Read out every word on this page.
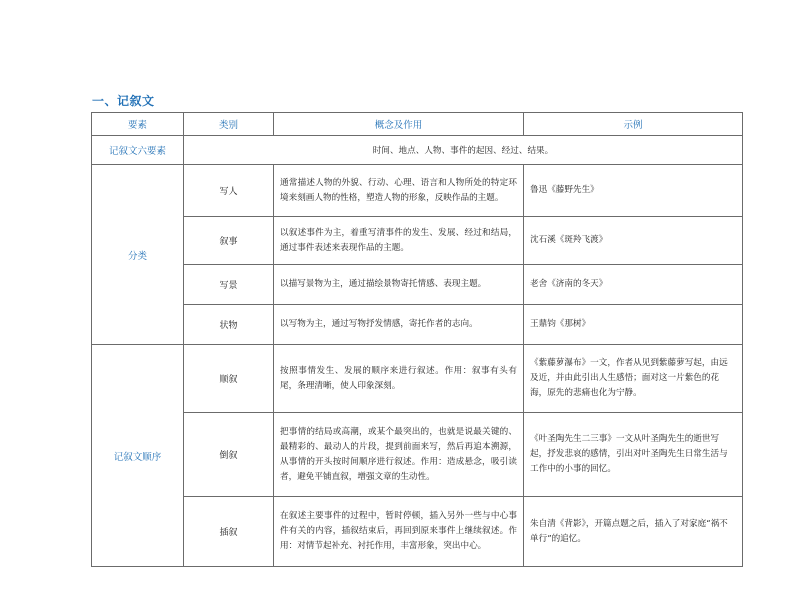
一、记叙文
要素	类别	概念及作用	示例
记叙文六要素	时间、地点、人物、事件的起因、经过、结果。		
分类	写人	通常描述人物的外貌、行动、心理、语言和人物所处的特定环境来刻画人物的性格，塑造人物的形象，反映作品的主题。	鲁迅《藤野先生》
	叙事	以叙述事件为主，着重写清事件的发生、发展、经过和结局，通过事件表述来表现作品的主题。	沈石溪《斑羚飞渡》
	写景	以描写景物为主，通过描绘景物寄托情感、表现主题。	老舍《济南的冬天》
	状物	以写物为主，通过写物抒发情感，寄托作者的志向。	王鼎钧《那树》
记叙文顺序	顺叙	按照事情发生、发展的顺序来进行叙述。作用：叙事有头有尾，条理清晰，使人印象深刻。	《紫藤萝瀑布》一文，作者从见到紫藤萝写起，由远及近，并由此引出人生感悟；面对这一片紫色的花海，原先的悲痛也化为宁静。
	倒叙	把事情的结局或高潮，或某个最突出的，也就是说最关键的、最精彩的、最动人的片段，提到前面来写，然后再追本溯源，从事情的开头按时间顺序进行叙述。作用：造成悬念，吸引读者，避免平铺直叙，增强文章的生动性。	《叶圣陶先生二三事》一文从叶圣陶先生的逝世写起，抒发悲哀的感情，引出对叶圣陶先生日常生活与工作中的小事的回忆。
	插叙	在叙述主要事件的过程中，暂时停顿，插入另外一些与中心事件有关的内容，插叙结束后，再回到原来事件上继续叙述。作用：对情节起补充、衬托作用，丰富形象，突出中心。	朱自清《背影》，开篇点题之后，插入了对家庭“祸不单行”的追忆。
